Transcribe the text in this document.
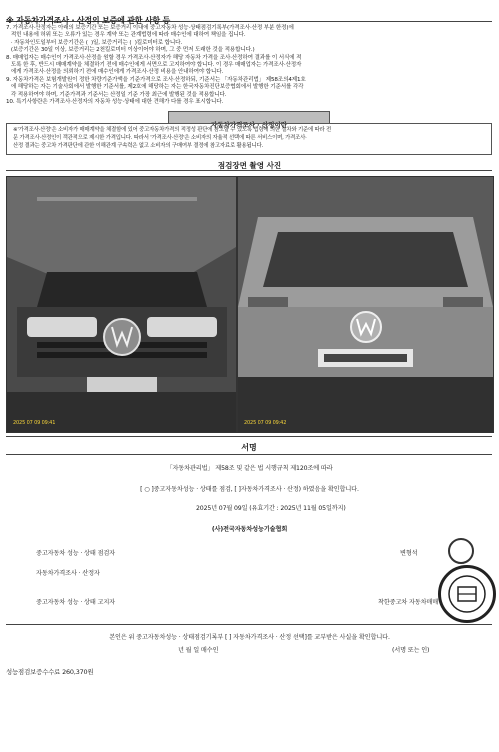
※ 자동차가격조사 · 산정의 보증에 관한 사항 등
7. 가격조사·산정자는 아래의 보증기간 또는 보증거리 이내에 중고자동차 성능·상태점검기록부(가격조사·산정 부분 한정)에
적힌 내용에 허위 또는 오류가 있는 경우 계약 또는 관계법령에 따라 매수인에 대하여 책임을 집니다.
· 자동차인도일부터 보증기간은 (  )일, 보증거리는 (  )킬로미터로 합니다.
(보증기간은 30일 이상, 보증거리는 2천킬로미터 이상이어야 하며, 그 중 먼저 도래한 것을 적용합니다.)
8. 매매업자는 매수인이 가격조사·산정을 원할 경우 가격조사·산정자가 해당 자동차 가격을 조사·산정하여 결과를 이 서식에 적
도록 한 후, 반드시 매매계약을 체결하기 전에 매수인에게 서면으로 고지하여야 합니다. 이 경우 매매업자는 가격조사·산정자
에게 가격조사·산정을 의뢰하기 전에 매수인에게 가격조사·산정 비용을 안내하여야 합니다.
9. 자동차가격은 보험개발원이 정한 차량기준가액을 기준가격으로 조사·산정하되, 기준서는 「자동차관리법」 제58조의4제1호
에 해당하는 자는 기술사회에서 발행한 기준서를, 제2호에 해당하는 자는 한국자동차진단보증협회에서 발행한 기준서를 각각
각 적용하여야 하며, 기준가격과 기준서는 산정일 기준 가장 최근에 발행된 것을 적용합니다.
10. 특기사항란은 가격조사·산정자의 자동차 성능·상태에 대한 견해가 다를 경우 표시합니다.
자동차가격조사 · 산정이란
※'가격조사·산정'은 소비자가 매매계약을 체결함에 있어 중고자동차가격의 적정성 판단에 참고할 수 있도록 법령에 의한 절차와 기준에 따라 전
문 가격조사·산정인이 객관적으로 제시한 가격입니다. 따라서 '가격조사·산정'은 소비자의 자율적 선택에 따른 서비스이며, 가격조사·
산정 결과는 중고차 가격판단에 관한 이해관계 구속력은 없고 소비자의 구매여부 결정에 참고자료로 활용됩니다.
점검장면 촬영 사진
2025 07 09 09:41	2025 07 09 09:42
서명
「자동차관리법」 제58조 및 같은 법 시행규칙 제120조에 따라
[ ○ ]중고자동차성능 · 상태를 점검, [ ]자동차가격조사 · 산정) 하였음을 확인합니다.
2025년 07월 09일 (유효기간 : 2025년 11월 05일까지)
(사)전국자동차성능기술협회
중고자동차 성능 · 상태 점검자	변형석
자동차가격조사 · 산정자
중고자동차 성능 · 상태 고지자	착한중고차 자동차매매
본인은 위 중고자동차성능 · 상태점검기록부 [ ] 자동차가격조사 · 산정 선택]를 교부받은 사실을 확인합니다.
년 월 일 매수인	(서명 또는 인)
성능점검보증수수료 260,370원
